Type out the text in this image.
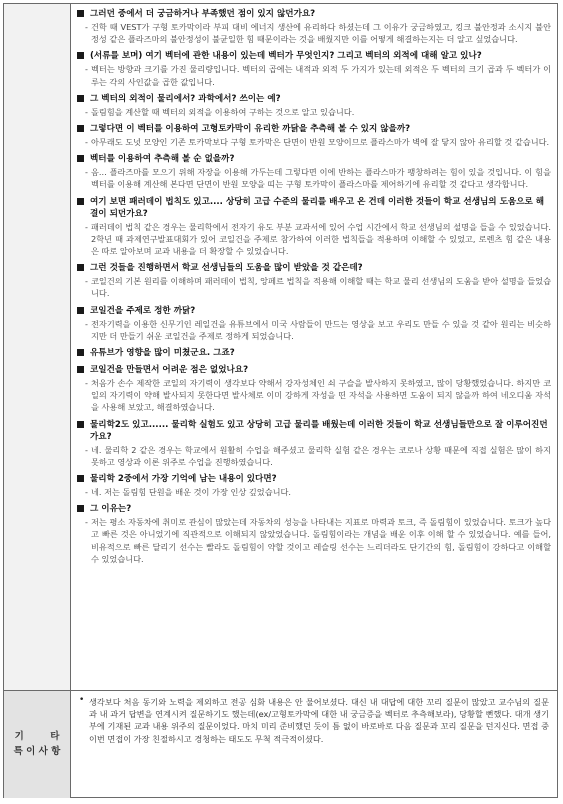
그러던 중에서 더 궁금하거나 부족했던 점이 있지 않던가요?
- 건학 때 VEST가 구형 토카막이라 부피 대비 에너지 생산에 유리하다 하셨는데 그 이유가 궁금하였고, 킹크 불안정과 소시지 불안정성 같은 플라즈마의 불안정성이 불균일한 힘 때문이라는 것을 배웠지만 이를 어떻게 해결하는지는 더 알고 싶었습니다.
(서류를 보며) 여기 벡터에 관한 내용이 있는데 벡터가 무엇인지? 그리고 벡터의 외적에 대해 알고 있나?
- 벡터는 방향과 크기를 가진 물리량입니다. 벡터의 곱에는 내적과 외적 두 가지가 있는데 외적은 두 벡터의 크기 곱과 두 벡터가 이루는 각의 사인값을 곱한 값입니다.
그 벡터의 외적이 물리에서? 과학에서? 쓰이는 예?
- 돌림힘을 계산할 때 벡터의 외적을 이용하여 구하는 것으로 알고 있습니다.
그렇다면 이 벡터를 이용하여 고형토카막이 유리한 까닭을 추측해 볼 수 있지 않을까?
- 아무래도 도넛 모양인 기존 토카막보다 구형 토카막은 단면이 반원 모양이므로 플라스마가 벽에 잘 닿지 않아 유리할 것 같습니다.
벡터를 이용하여 추측해 볼 순 없을까?
- 음... 플라즈마를 모으기 위해 자장을 이용해 가두는데 그렇다면 이에 반하는 플라스마가 팽창하려는 힘이 있을 것입니다. 이 힘을 벡터를 이용해 계산해 본다면 단면이 반원 모양을 띠는 구형 토카막이 플라스마를 제어하기에 유리할 것 같다고 생각합니다.
여기 보면 패러데이 법칙도 있고.... 상당히 고급 수준의 물리를 배우고 온 건데 이러한 것들이 학교 선생님의 도움으로 해결이 되던가요?
- 패러데이 법칙 같은 경우는 물리학에서 전자기 유도 부분 교과서에 있어 수업 시간에서 학교 선생님의 설명을 들을 수 있었습니다. 2학년 때 과제연구발표대회가 있어 코일건을 주제로 참가하여 이러한 법칙들을 적용하며 이해할 수 있었고, 로렌츠 힘 같은 내용은 따로 알아보며 교과 내용을 더 확장할 수 있었습니다.
그런 것들을 진행하면서 학교 선생님들의 도움을 많이 받았을 것 같은데?
- 코일건의 기본 원리를 이해하며 패러데이 법칙, 앙페르 법칙을 적용해 이해할 때는 학교 물리 선생님의 도움을 받아 설명을 들었습니다.
코일건을 주제로 정한 까닭?
- 전자기력을 이용한 신무기인 레일건을 유튜브에서 미국 사람들이 만드는 영상을 보고 우리도 만들 수 있을 것 같아 원리는 비슷하지만 더 만들기 쉬운 코일건을 주제로 정하게 되었습니다.
유튜브가 영향을 많이 미쳤군요. 그죠?
코일건을 만들면서 어려운 점은 없었나요?
- 처음가 손수 제작한 코일의 자기력이 생각보다 약해서 강자성체인 쇠 구슬을 발사하지 못하였고, 많이 당황했었습니다. 하지만 코일의 자기력이 약해 발사되지 못한다면 발사체로 이미 강하게 자성을 띤 자석을 사용하면 도움이 되지 않을까 하여 네오디움 자석을 사용해 보았고, 해결하였습니다.
물리학2도 있고...... 물리학 실험도 있고 상당히 고급 물리를 배웠는데 이러한 것들이 학교 선생님들만으로 잘 이루어진던가요?
- 네. 물리학 2 같은 경우는 학교에서 원활히 수업을 해주셨고 물리학 실험 같은 경우는 코로나 상황 때문에 직접 실험은 많이 하지 못하고 영상과 이론 위주로 수업을 진행하였습니다.
물리학 2중에서 가장 기억에 남는 내용이 있다면?
- 네. 저는 돌림힘 단원을 배운 것이 가장 인상 깊었습니다.
그 이유는?
- 저는 평소 자동차에 취미로 관심이 많았는데 자동차의 성능을 나타내는 지표로 마력과 토크, 즉 돌림힘이 있었습니다. 토크가 높다고 빠른 것은 아니었기에 직관적으로 이해되지 않았었습니다. 돌림힘이라는 개념을 배운 이후 이해 할 수 있었습니다. 예를 들어, 비유적으로 빠른 달리기 선수는 빨라도 돌림힘이 약할 것이고 레슬링 선수는 느리더라도 단기간의 힘, 돌림힘이 강하다고 이해할 수 있었습니다.
기        타
특 이 사 항
• 생각보다 처음 동기와 노력을 제외하고 전공 심화 내용은 안 물어보셨다. 대신 내 대답에 대한 꼬리 질문이 많았고 교수님의 질문과 내 과거 답변을 연계시켜 질문하기도 했는데(ex/고형토카막에 대한 내 궁금증을 벡터로 추측해보라), 당황할 뻔했다. 대개 생기부에 기재된 교과 내용 위주의 질문이었다. 마치 미리 준비했던 듯이 틈 없이 바로바로 다음 질문과 꼬리 질문을 던지신다. 면접 중 이번 면접이 가장 친절하시고 경청하는 태도도 무척 적극적이셨다.
